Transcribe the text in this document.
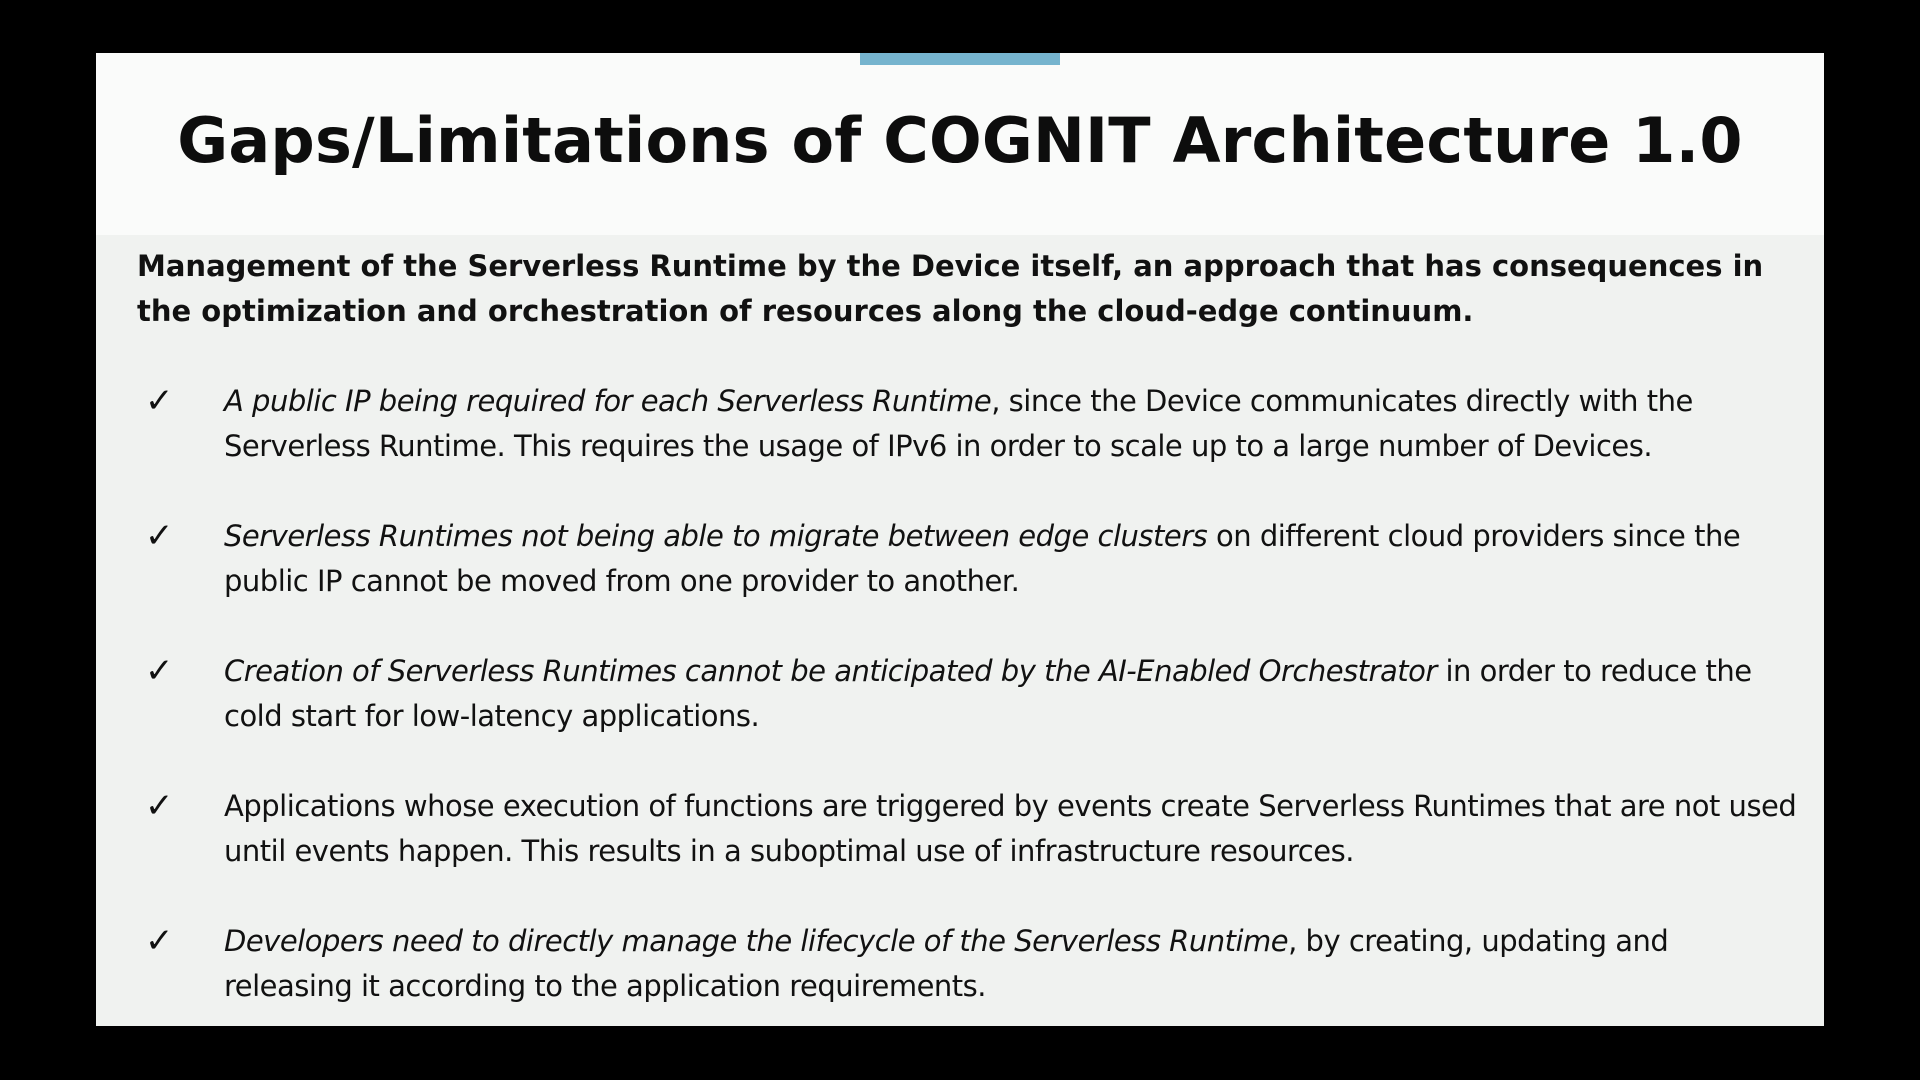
Gaps/Limitations of COGNIT Architecture 1.0
Management of the Serverless Runtime by the Device itself, an approach that has consequences in the optimization and orchestration of resources along the cloud-edge continuum.
✓ A public IP being required for each Serverless Runtime, since the Device communicates directly with the Serverless Runtime. This requires the usage of IPv6 in order to scale up to a large number of Devices.
✓ Serverless Runtimes not being able to migrate between edge clusters on different cloud providers since the public IP cannot be moved from one provider to another.
✓ Creation of Serverless Runtimes cannot be anticipated by the AI-Enabled Orchestrator in order to reduce the cold start for low-latency applications.
✓ Applications whose execution of functions are triggered by events create Serverless Runtimes that are not used until events happen. This results in a suboptimal use of infrastructure resources.
✓ Developers need to directly manage the lifecycle of the Serverless Runtime, by creating, updating and releasing it according to the application requirements.
